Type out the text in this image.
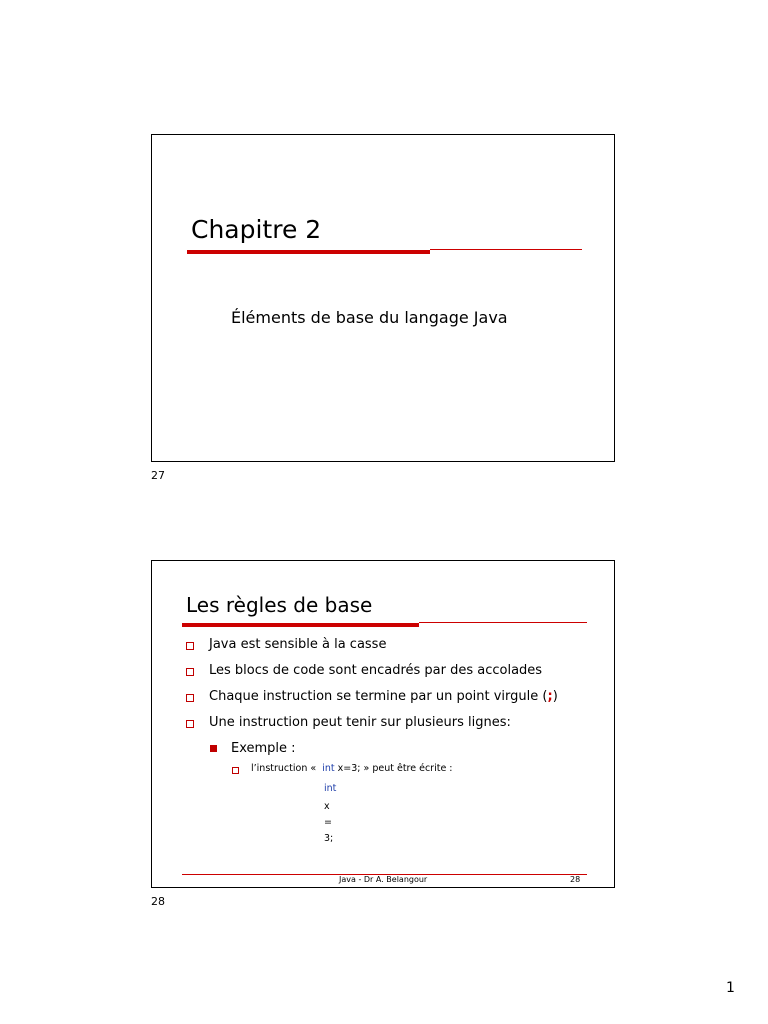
Chapitre 2
Éléments de base du langage Java
27
Les règles de base
Java est sensible à la casse
Les blocs de code sont encadrés par des accolades
Chaque instruction se termine par un point virgule (;)
Une instruction peut tenir sur plusieurs lignes:
Exemple :
l’instruction « int x=3; » peut être écrite :
int
x
=
3;
Java - Dr A. Belangour	28
28
1
